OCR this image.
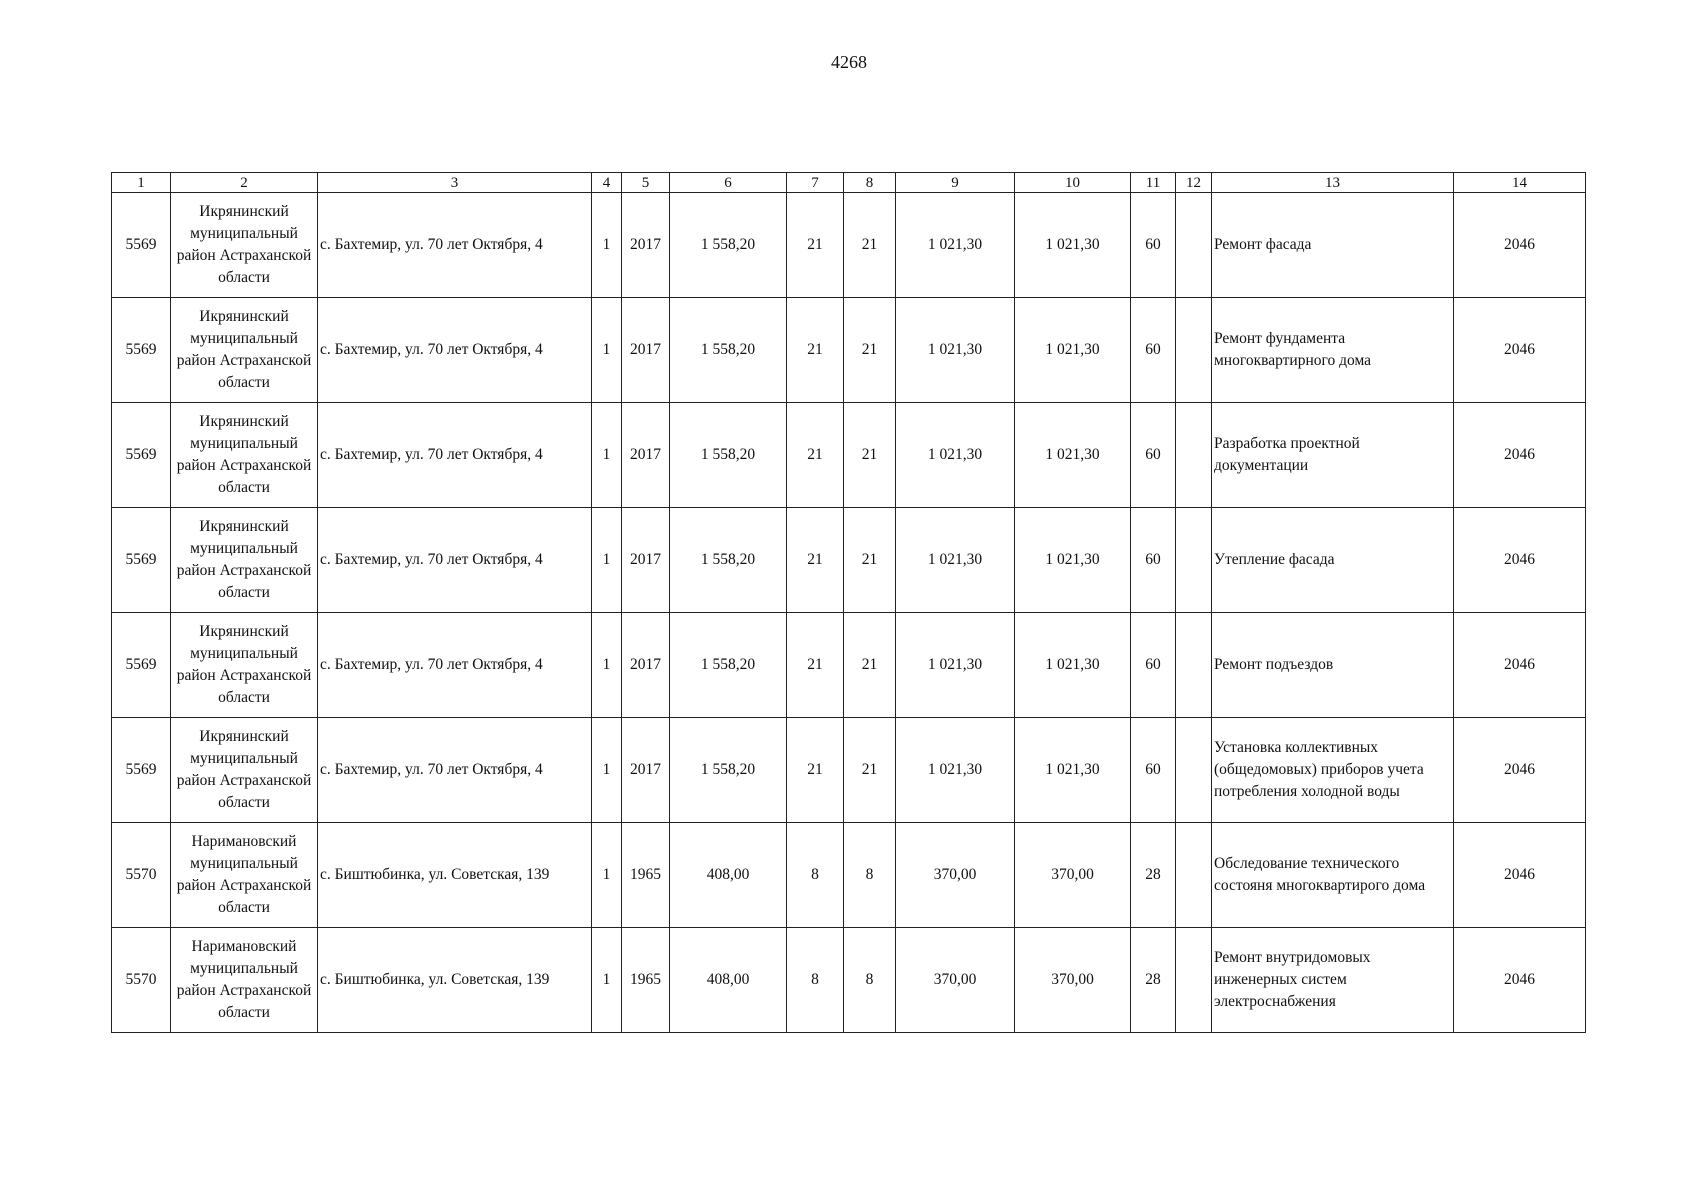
4268
1	2	3	4	5	6	7	8	9	10	11	12	13	14
5569	Икрянинский муниципальный район Астраханской области	с. Бахтемир, ул. 70 лет Октября, 4	1	2017	1 558,20	21	21	1 021,30	1 021,30	60		Ремонт фасада	2046
5569	Икрянинский муниципальный район Астраханской области	с. Бахтемир, ул. 70 лет Октября, 4	1	2017	1 558,20	21	21	1 021,30	1 021,30	60		Ремонт фундамента многоквартирного дома	2046
5569	Икрянинский муниципальный район Астраханской области	с. Бахтемир, ул. 70 лет Октября, 4	1	2017	1 558,20	21	21	1 021,30	1 021,30	60		Разработка проектной документации	2046
5569	Икрянинский муниципальный район Астраханской области	с. Бахтемир, ул. 70 лет Октября, 4	1	2017	1 558,20	21	21	1 021,30	1 021,30	60		Утепление фасада	2046
5569	Икрянинский муниципальный район Астраханской области	с. Бахтемир, ул. 70 лет Октября, 4	1	2017	1 558,20	21	21	1 021,30	1 021,30	60		Ремонт подъездов	2046
5569	Икрянинский муниципальный район Астраханской области	с. Бахтемир, ул. 70 лет Октября, 4	1	2017	1 558,20	21	21	1 021,30	1 021,30	60		Установка коллективных (общедомовых) приборов учета потребления холодной воды	2046
5570	Наримановский муниципальный район Астраханской области	с. Биштюбинка, ул. Советская, 139	1	1965	408,00	8	8	370,00	370,00	28		Обследование технического состояня многоквартирого дома	2046
5570	Наримановский муниципальный район Астраханской области	с. Биштюбинка, ул. Советская, 139	1	1965	408,00	8	8	370,00	370,00	28		Ремонт внутридомовых инженерных систем электроснабжения	2046
